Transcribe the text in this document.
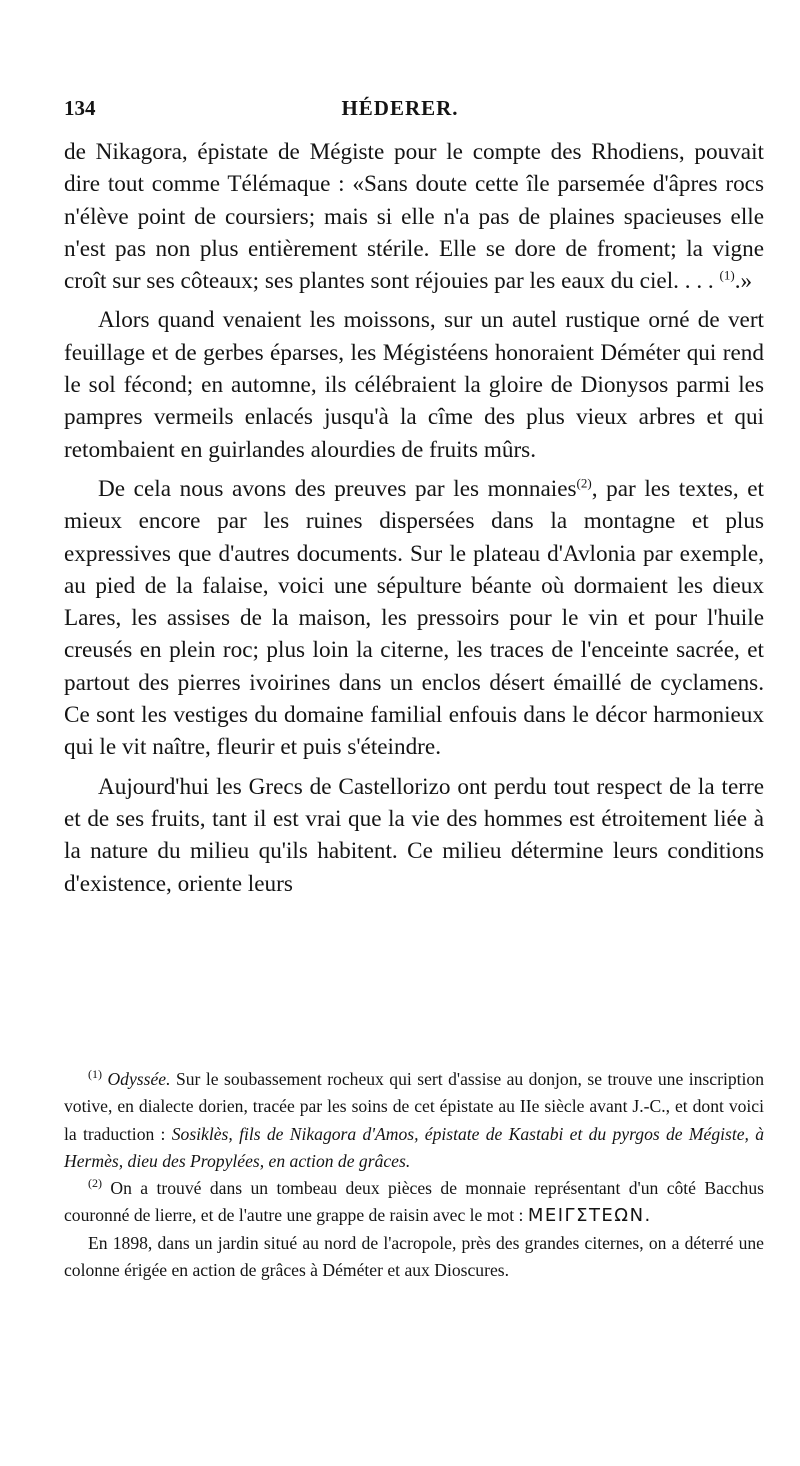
134	HÉDERER.

de Nikagora, épistate de Mégiste pour le compte des Rhodiens, pouvait dire tout comme Télémaque : «Sans doute cette île parsemée d'âpres rocs n'élève point de coursiers; mais si elle n'a pas de plaines spacieuses elle n'est pas non plus entièrement stérile. Elle se dore de froment; la vigne croît sur ses côteaux; ses plantes sont réjouies par les eaux du ciel. . . . $^{(1)}$.»

Alors quand venaient les moissons, sur un autel rustique orné de vert feuillage et de gerbes éparses, les Mégistéens honoraient Déméter qui rend le sol fécond; en automne, ils célébraient la gloire de Dionysos parmi les pampres vermeils enlacés jusqu'à la cîme des plus vieux arbres et qui retombaient en guirlandes alourdies de fruits mûrs.

De cela nous avons des preuves par les monnaies$^{(2)}$, par les textes, et mieux encore par les ruines dispersées dans la montagne et plus expressives que d'autres documents. Sur le plateau d'Avlonia par exemple, au pied de la falaise, voici une sépulture béante où dormaient les dieux Lares, les assises de la maison, les pressoirs pour le vin et pour l'huile creusés en plein roc; plus loin la citerne, les traces de l'enceinte sacrée, et partout des pierres ivoirines dans un enclos désert émaillé de cyclamens. Ce sont les vestiges du domaine familial enfouis dans le décor harmonieux qui le vit naître, fleurir et puis s'éteindre.

Aujourd'hui les Grecs de Castellorizo ont perdu tout respect de la terre et de ses fruits, tant il est vrai que la vie des hommes est étroitement liée à la nature du milieu qu'ils habitent. Ce milieu détermine leurs conditions d'existence, oriente leurs

$^{(1)}$ Odyssée. Sur le soubassement rocheux qui sert d'assise au donjon, se trouve une inscription votive, en dialecte dorien, tracée par les soins de cet épistate au IIe siècle avant J.-C., et dont voici la traduction : Sosiklès, fils de Nikagora d'Amos, épistate de Kastabi et du pyrgos de Mégiste, à Hermès, dieu des Propylées, en action de grâces.

$^{(2)}$ On a trouvé dans un tombeau deux pièces de monnaie représentant d'un côté Bacchus couronné de lierre, et de l'autre une grappe de raisin avec le mot : ΜΕΙΓΣΤΕΩΝ.

En 1898, dans un jardin situé au nord de l'acropole, près des grandes citernes, on a déterré une colonne érigée en action de grâces à Déméter et aux Dioscures.
